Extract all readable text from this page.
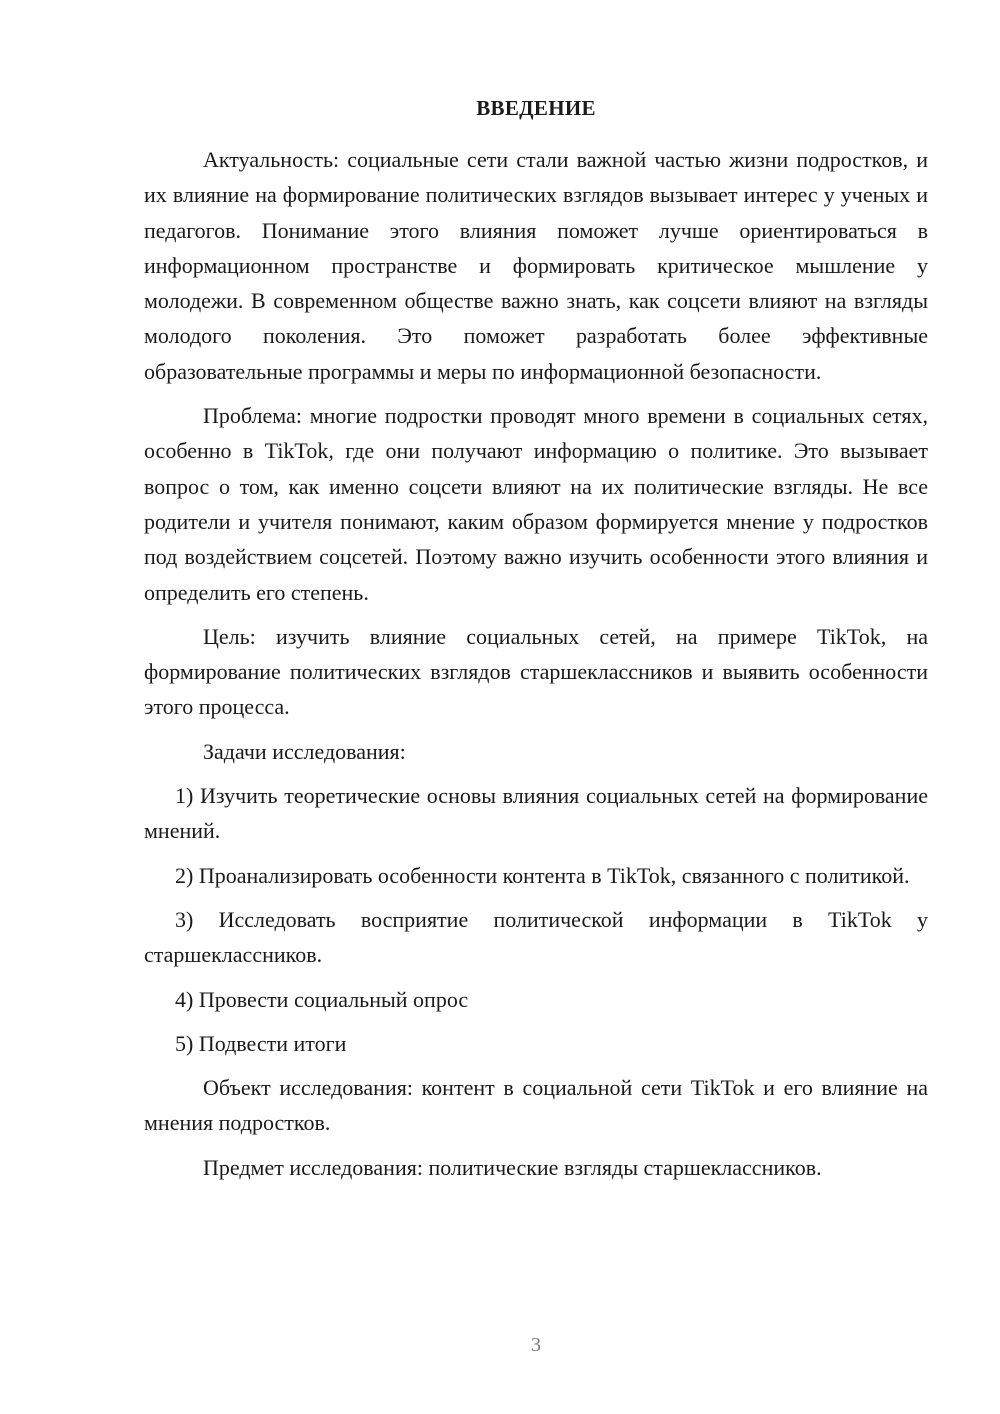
ВВЕДЕНИЕ

Актуальность: социальные сети стали важной частью жизни подростков, и их влияние на формирование политических взглядов вызывает интерес у ученых и педагогов. Понимание этого влияния поможет лучше ориентироваться в информационном пространстве и формировать критическое мышление у молодежи. В современном обществе важно знать, как соцсети влияют на взгляды молодого поколения. Это поможет разработать более эффективные образовательные программы и меры по информационной безопасности.

Проблема: многие подростки проводят много времени в социальных сетях, особенно в TikTok, где они получают информацию о политике. Это вызывает вопрос о том, как именно соцсети влияют на их политические взгляды. Не все родители и учителя понимают, каким образом формируется мнение у подростков под воздействием соцсетей. Поэтому важно изучить особенности этого влияния и определить его степень.

Цель: изучить влияние социальных сетей, на примере TikTok, на формирование политических взглядов старшеклассников и выявить особенности этого процесса.

Задачи исследования:

1) Изучить теоретические основы влияния социальных сетей на формирование мнений.

2) Проанализировать особенности контента в TikTok, связанного с политикой.

3) Исследовать восприятие политической информации в TikTok у старшеклассников.

4) Провести социальный опрос

5) Подвести итоги

Объект исследования: контент в социальной сети TikTok и его влияние на мнения подростков.

Предмет исследования: политические взгляды старшеклассников.

3
